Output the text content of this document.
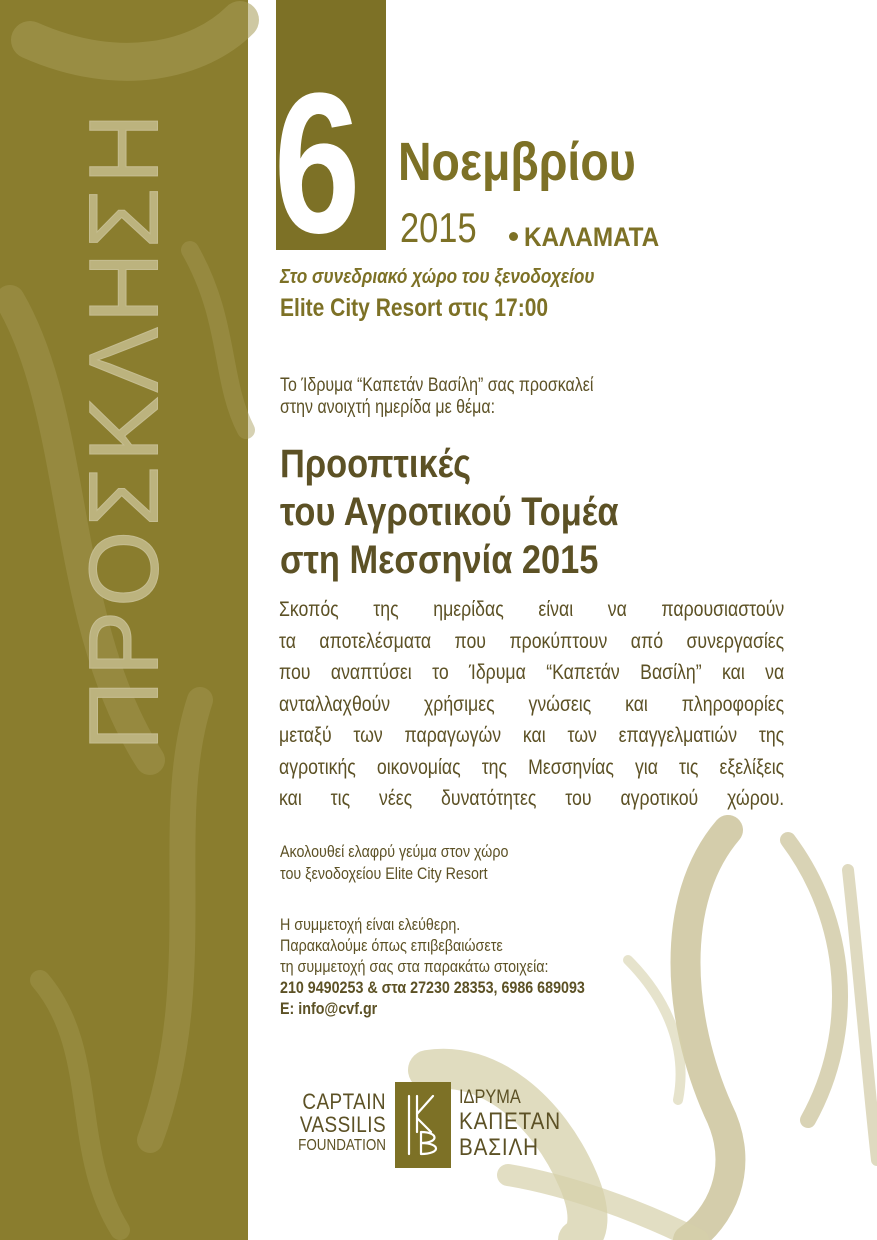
ΠΡΟΣΚΛΗΣΗ 6 Νοεμβρίου
2015 ΚΑΛΑΜΑΤΑ
Στο συνεδριακό χώρο του ξενοδοχείου
Elite City Resort στις 17:00
Το Ίδρυμα “Καπετάν Βασίλη” σας προσκαλεί
στην ανοιχτή ημερίδα με θέμα:
Προοπτικές
του Αγροτικού Τομέα
στη Μεσσηνία 2015
Σκοπός της ημερίδας είναι να παρουσιαστούν
τα αποτελέσματα που προκύπτουν από συνεργασίες
που αναπτύσει το Ίδρυμα “Καπετάν Βασίλη” και να
ανταλλαχθούν χρήσιμες γνώσεις και πληροφορίες
μεταξύ των παραγωγών και των επαγγελματιών της
αγροτικής οικονομίας της Μεσσηνίας για τις εξελίξεις
και τις νέες δυνατότητες του αγροτικού χώρου.
Ακολουθεί ελαφρύ γεύμα στον χώρο
του ξενοδοχείου Elite City Resort
Η συμμετοχή είναι ελεύθερη.
Παρακαλούμε όπως επιβεβαιώσετε
τη συμμετοχή σας στα παρακάτω στοιχεία:
210 9490253 & στα 27230 28353, 6986 689093
E: info@cvf.gr
CAPTAIN
VASSILIS
FOUNDATION
ΙΔΡΥΜΑ
ΚΑΠΕΤΑΝ
ΒΑΣΙΛΗ
